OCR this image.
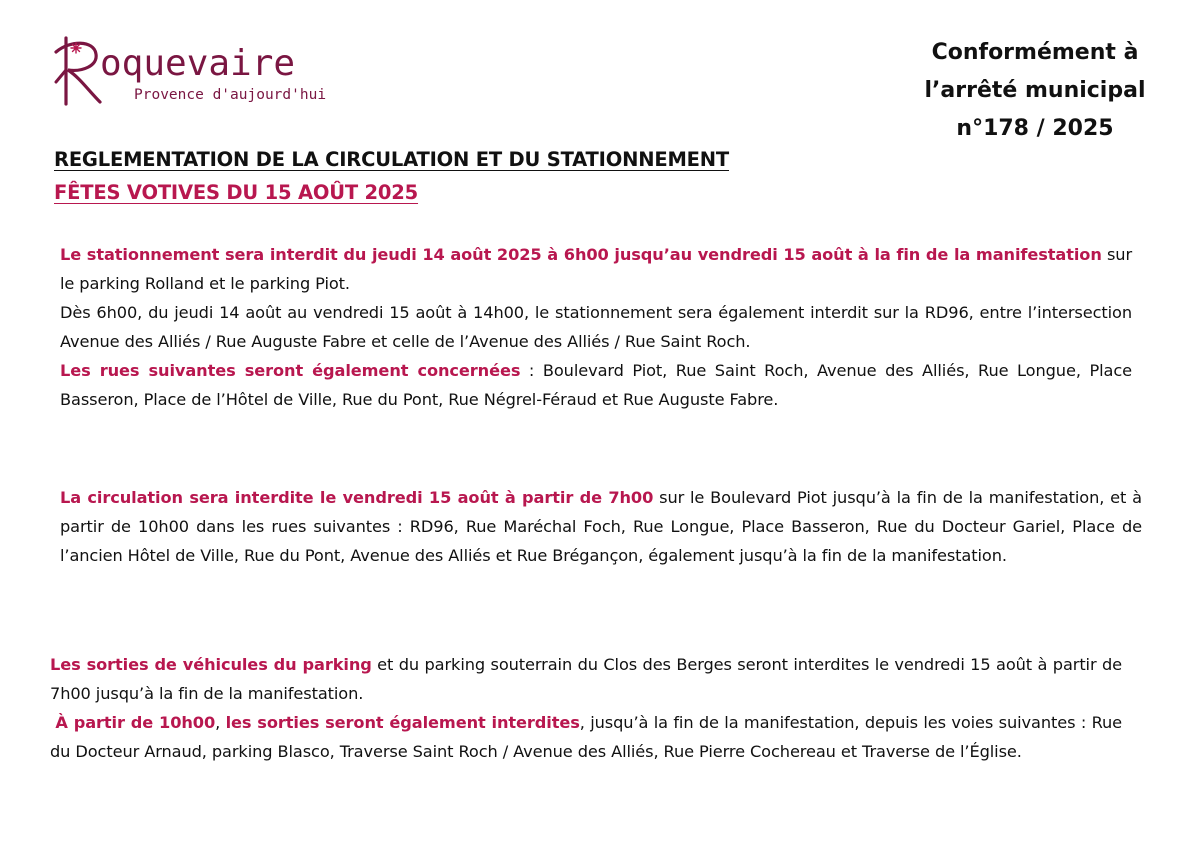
oquevaire
Provence d'aujourd'hui
Conformément à
l’arrêté municipal
n°178 / 2025
REGLEMENTATION DE LA CIRCULATION ET DU STATIONNEMENT
FÊTES VOTIVES DU 15 AOÛT 2025
Le stationnement sera interdit du jeudi 14 août 2025 à 6h00 jusqu’au vendredi 15 août à la fin de la manifestation sur le parking Rolland et le parking Piot.
Dès 6h00, du jeudi 14 août au vendredi 15 août à 14h00, le stationnement sera également interdit sur la RD96, entre l’intersection Avenue des Alliés / Rue Auguste Fabre et celle de l’Avenue des Alliés / Rue Saint Roch.
Les rues suivantes seront également concernées : Boulevard Piot, Rue Saint Roch, Avenue des Alliés, Rue Longue, Place Basseron, Place de l’Hôtel de Ville, Rue du Pont, Rue Négrel-Féraud et Rue Auguste Fabre.
La circulation sera interdite le vendredi 15 août à partir de 7h00 sur le Boulevard Piot jusqu’à la fin de la manifestation, et à partir de 10h00 dans les rues suivantes : RD96, Rue Maréchal Foch, Rue Longue, Place Basseron, Rue du Docteur Gariel, Place de l’ancien Hôtel de Ville, Rue du Pont, Avenue des Alliés et Rue Brégançon, également jusqu’à la fin de la manifestation.
Les sorties de véhicules du parking et du parking souterrain du Clos des Berges seront interdites le vendredi 15 août à partir de 7h00 jusqu’à la fin de la manifestation.
À partir de 10h00, les sorties seront également interdites, jusqu’à la fin de la manifestation, depuis les voies suivantes : Rue du Docteur Arnaud, parking Blasco, Traverse Saint Roch / Avenue des Alliés, Rue Pierre Cochereau et Traverse de l’Église.
